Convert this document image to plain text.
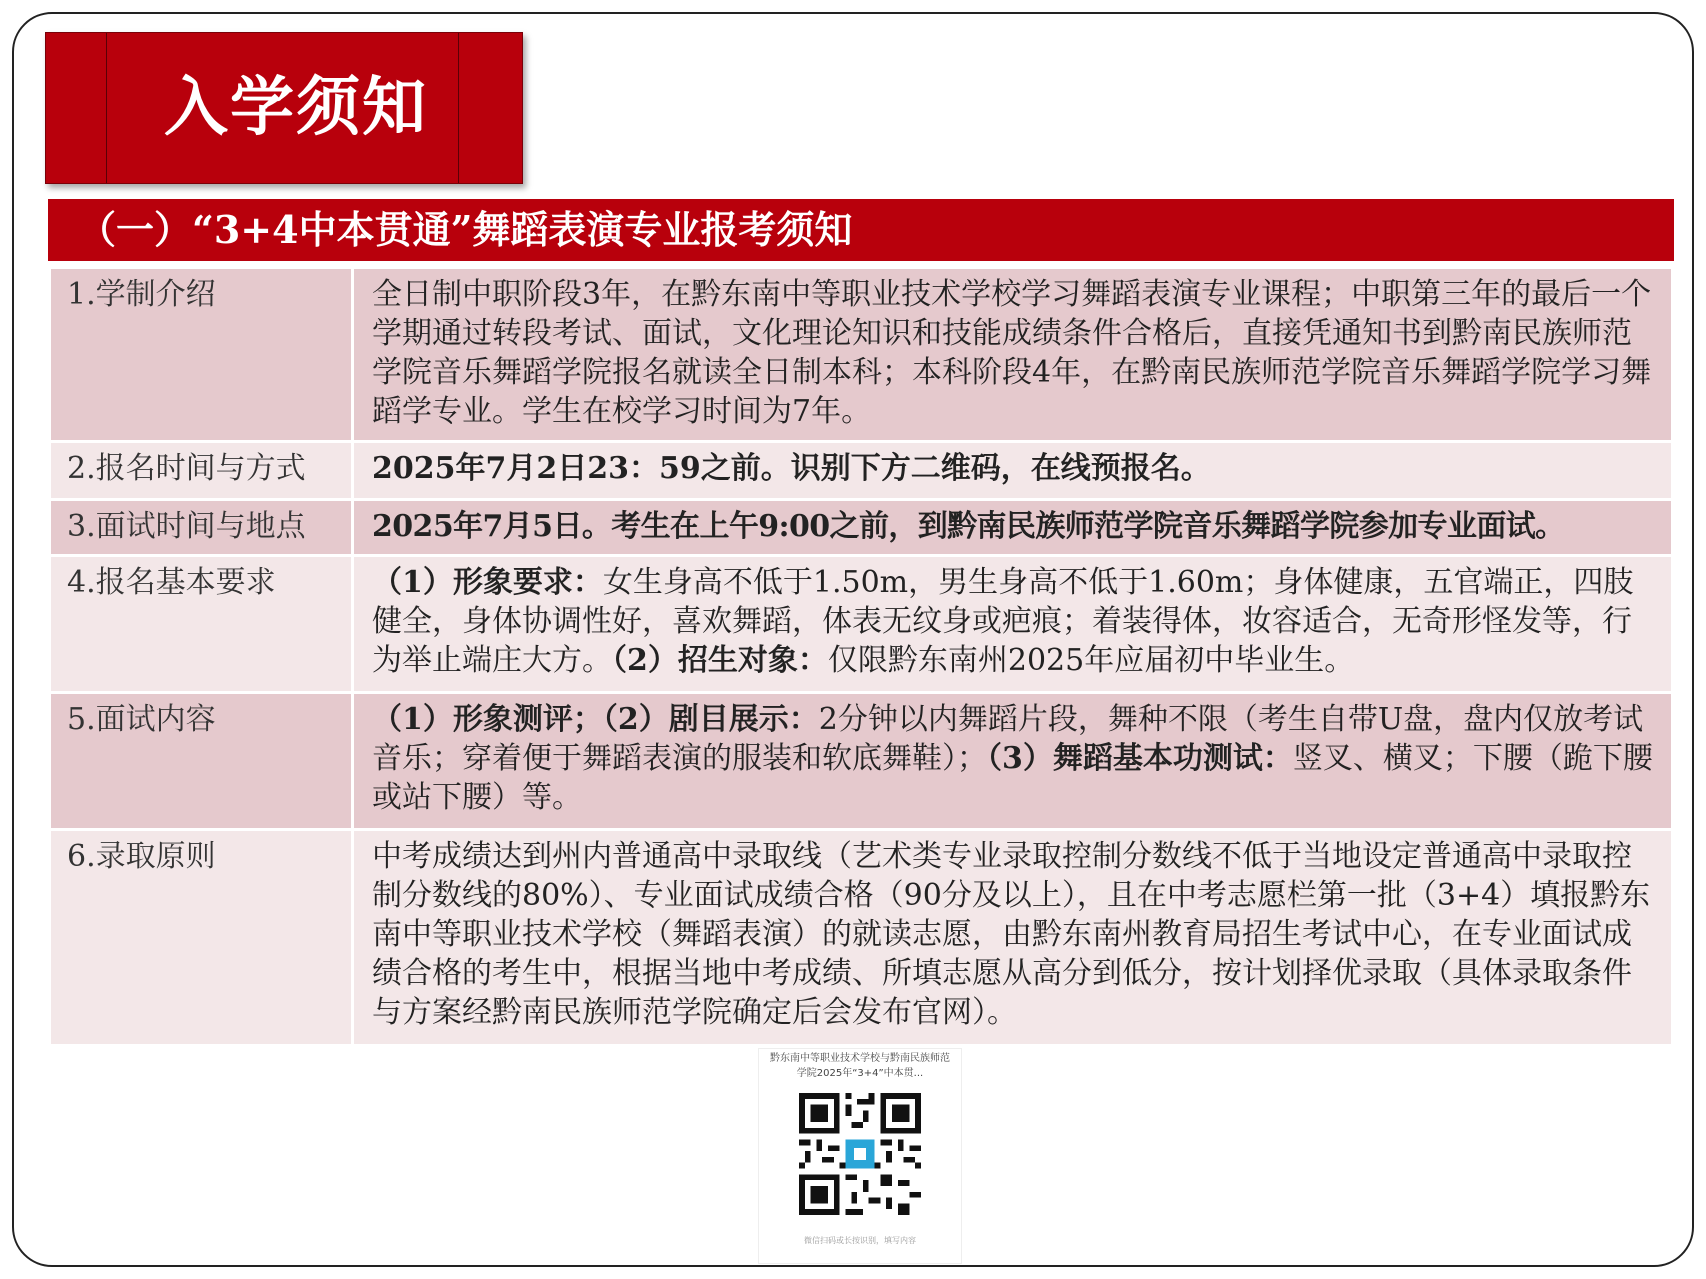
入学须知
（一）“3+4中本贯通”舞蹈表演专业报考须知
1.学制介绍	全日制中职阶段3年，在黔东南中等职业技术学校学习舞蹈表演专业课程；中职第三年的最后一个学期通过转段考试、面试，文化理论知识和技能成绩条件合格后，直接凭通知书到黔南民族师范学院音乐舞蹈学院报名就读全日制本科；本科阶段4年，在黔南民族师范学院音乐舞蹈学院学习舞蹈学专业。学生在校学习时间为7年。
2.报名时间与方式	2025年7月2日23：59之前。识别下方二维码，在线预报名。
3.面试时间与地点	2025年7月5日。考生在上午9:00之前，到黔南民族师范学院音乐舞蹈学院参加专业面试。
4.报名基本要求	（1）形象要求：女生身高不低于1.50m，男生身高不低于1.60m；身体健康，五官端正，四肢健全，身体协调性好，喜欢舞蹈，体表无纹身或疤痕；着装得体，妆容适合，无奇形怪发等，行为举止端庄大方。（2）招生对象：仅限黔东南州2025年应届初中毕业生。
5.面试内容	（1）形象测评；（2）剧目展示：2分钟以内舞蹈片段，舞种不限（考生自带U盘，盘内仅放考试音乐；穿着便于舞蹈表演的服装和软底舞鞋）；（3）舞蹈基本功测试：竖叉、横叉；下腰（跪下腰或站下腰）等。
6.录取原则	中考成绩达到州内普通高中录取线（艺术类专业录取控制分数线不低于当地设定普通高中录取控制分数线的80%）、专业面试成绩合格（90分及以上），且在中考志愿栏第一批（3+4）填报黔东南中等职业技术学校（舞蹈表演）的就读志愿，由黔东南州教育局招生考试中心，在专业面试成绩合格的考生中，根据当地中考成绩、所填志愿从高分到低分，按计划择优录取（具体录取条件与方案经黔南民族师范学院确定后会发布官网）。
黔东南中等职业技术学校与黔南民族师范学院2025年“3+4”中本贯...
微信扫码或长按识别，填写内容
